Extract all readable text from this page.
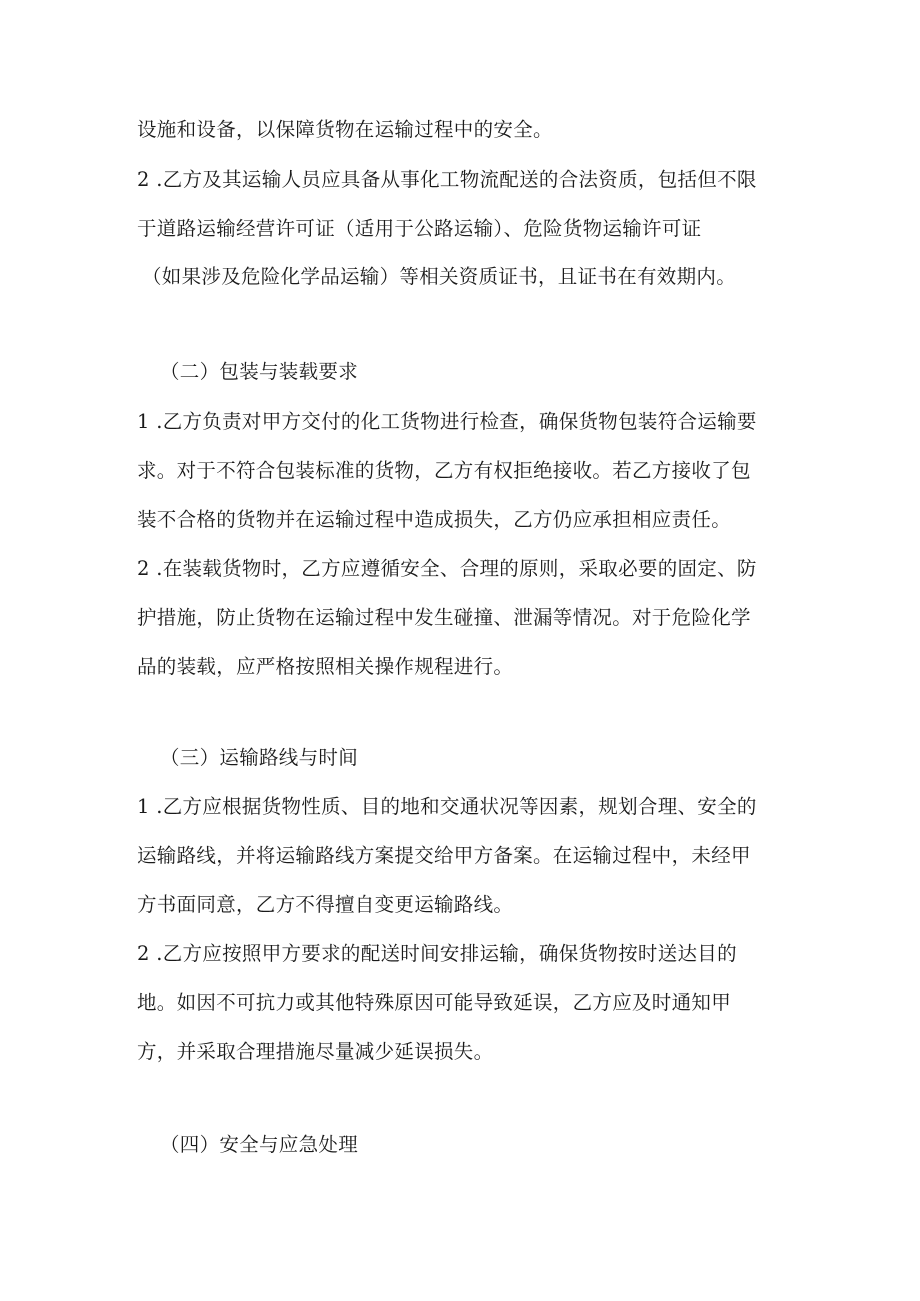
设施和设备，以保障货物在运输过程中的安全。
2 .乙方及其运输人员应具备从事化工物流配送的合法资质，包括但不限
于道路运输经营许可证（适用于公路运输）、危险货物运输许可证
（如果涉及危险化学品运输）等相关资质证书，且证书在有效期内。
（二）包装与装载要求
1 .乙方负责对甲方交付的化工货物进行检查，确保货物包装符合运输要
求。对于不符合包装标准的货物，乙方有权拒绝接收。若乙方接收了包
装不合格的货物并在运输过程中造成损失，乙方仍应承担相应责任。
2 .在装载货物时，乙方应遵循安全、合理的原则，采取必要的固定、防
护措施，防止货物在运输过程中发生碰撞、泄漏等情况。对于危险化学
品的装载，应严格按照相关操作规程进行。
（三）运输路线与时间
1 .乙方应根据货物性质、目的地和交通状况等因素，规划合理、安全的
运输路线，并将运输路线方案提交给甲方备案。在运输过程中，未经甲
方书面同意，乙方不得擅自变更运输路线。
2 .乙方应按照甲方要求的配送时间安排运输，确保货物按时送达目的
地。如因不可抗力或其他特殊原因可能导致延误，乙方应及时通知甲
方，并采取合理措施尽量减少延误损失。
（四）安全与应急处理
